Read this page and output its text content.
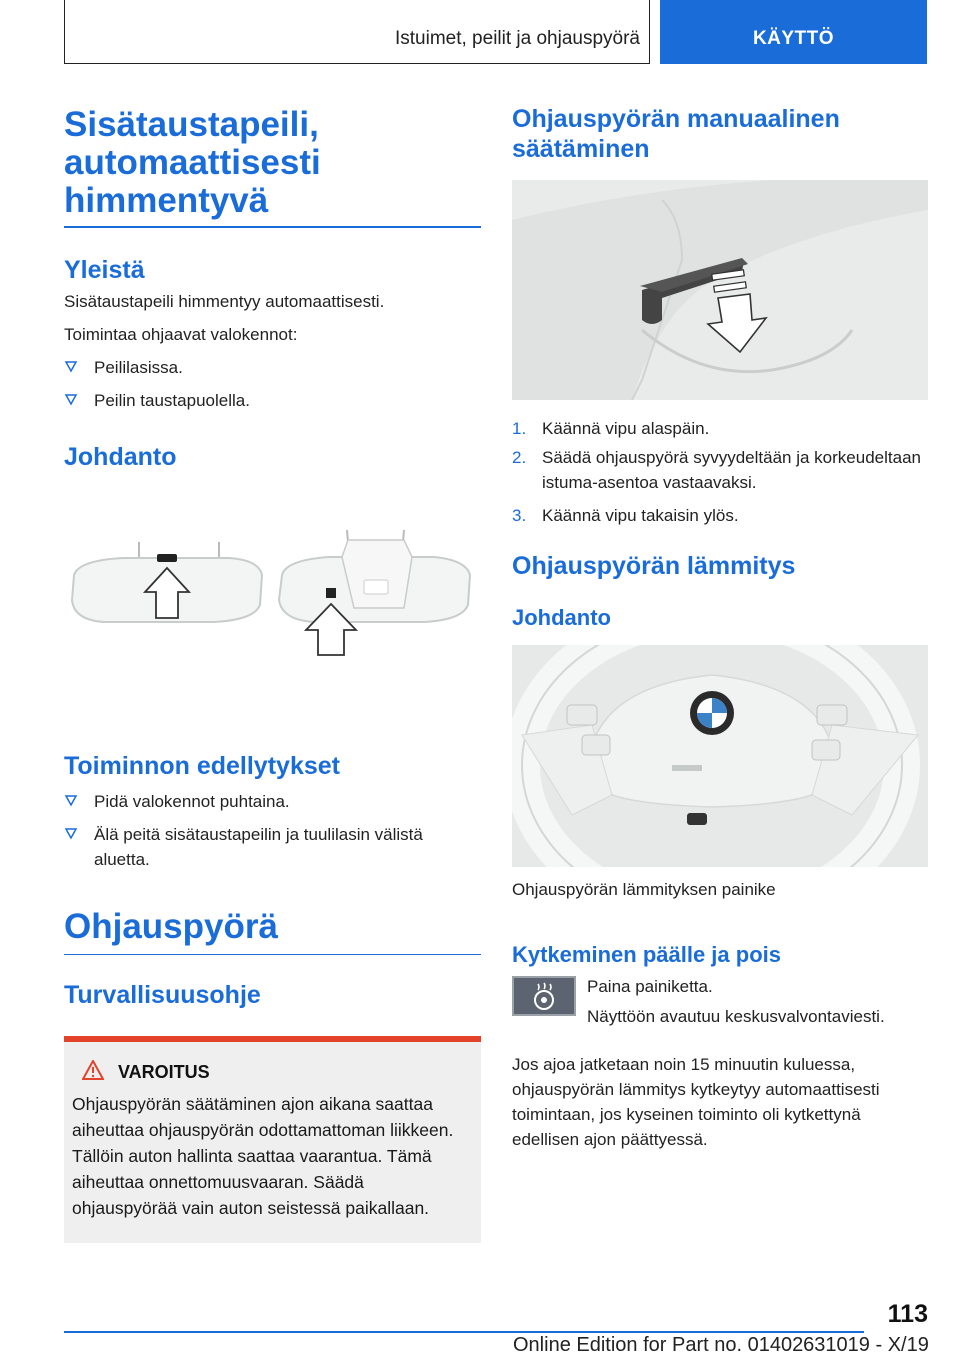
Istuimet, peilit ja ohjauspyörä	KÄYTTÖ
Sisätaustapeili,
automaattisesti
himmentyvä
Yleistä

Sisätaustapeili himmentyy automaattisesti.

Toimintaa ohjaavat valokennot:

Peililasissa.
Peilin taustapuolella.
Johdanto
Toiminnon edellytykset
Pidä valokennot puhtaina.
Älä peitä sisätaustapeilin ja tuulilasin välistä aluetta.
Ohjauspyörä
Turvallisuusohje
VAROITUS

Ohjauspyörän säätäminen ajon aikana saattaa aiheuttaa ohjauspyörän odottamattoman liikkeen. Tällöin auton hallinta saattaa vaarantua. Tämä aiheuttaa onnettomuusvaaran. Säädä ohjauspyörää vain auton seistessä paikallaan.

Ohjauspyörän manuaalinen
säätäminen
1. Käännä vipu alaspäin.
2. Säädä ohjauspyörä syvyydeltään ja korkeudeltaan istuma-asentoa vastaavaksi.
3. Käännä vipu takaisin ylös.
Ohjauspyörän lämmitys
Johdanto

Ohjauspyörän lämmityksen painike

Kytkeminen päälle ja pois

Paina painiketta.

Näyttöön avautuu keskusvalvontaviesti.

Jos ajoa jatketaan noin 15 minuutin kuluessa, ohjauspyörän lämmitys kytkeytyy automaattisesti toimintaan, jos kyseinen toiminto oli kytkettynä edellisen ajon päättyessä.

113
Online Edition for Part no. 01402631019 - X/19
